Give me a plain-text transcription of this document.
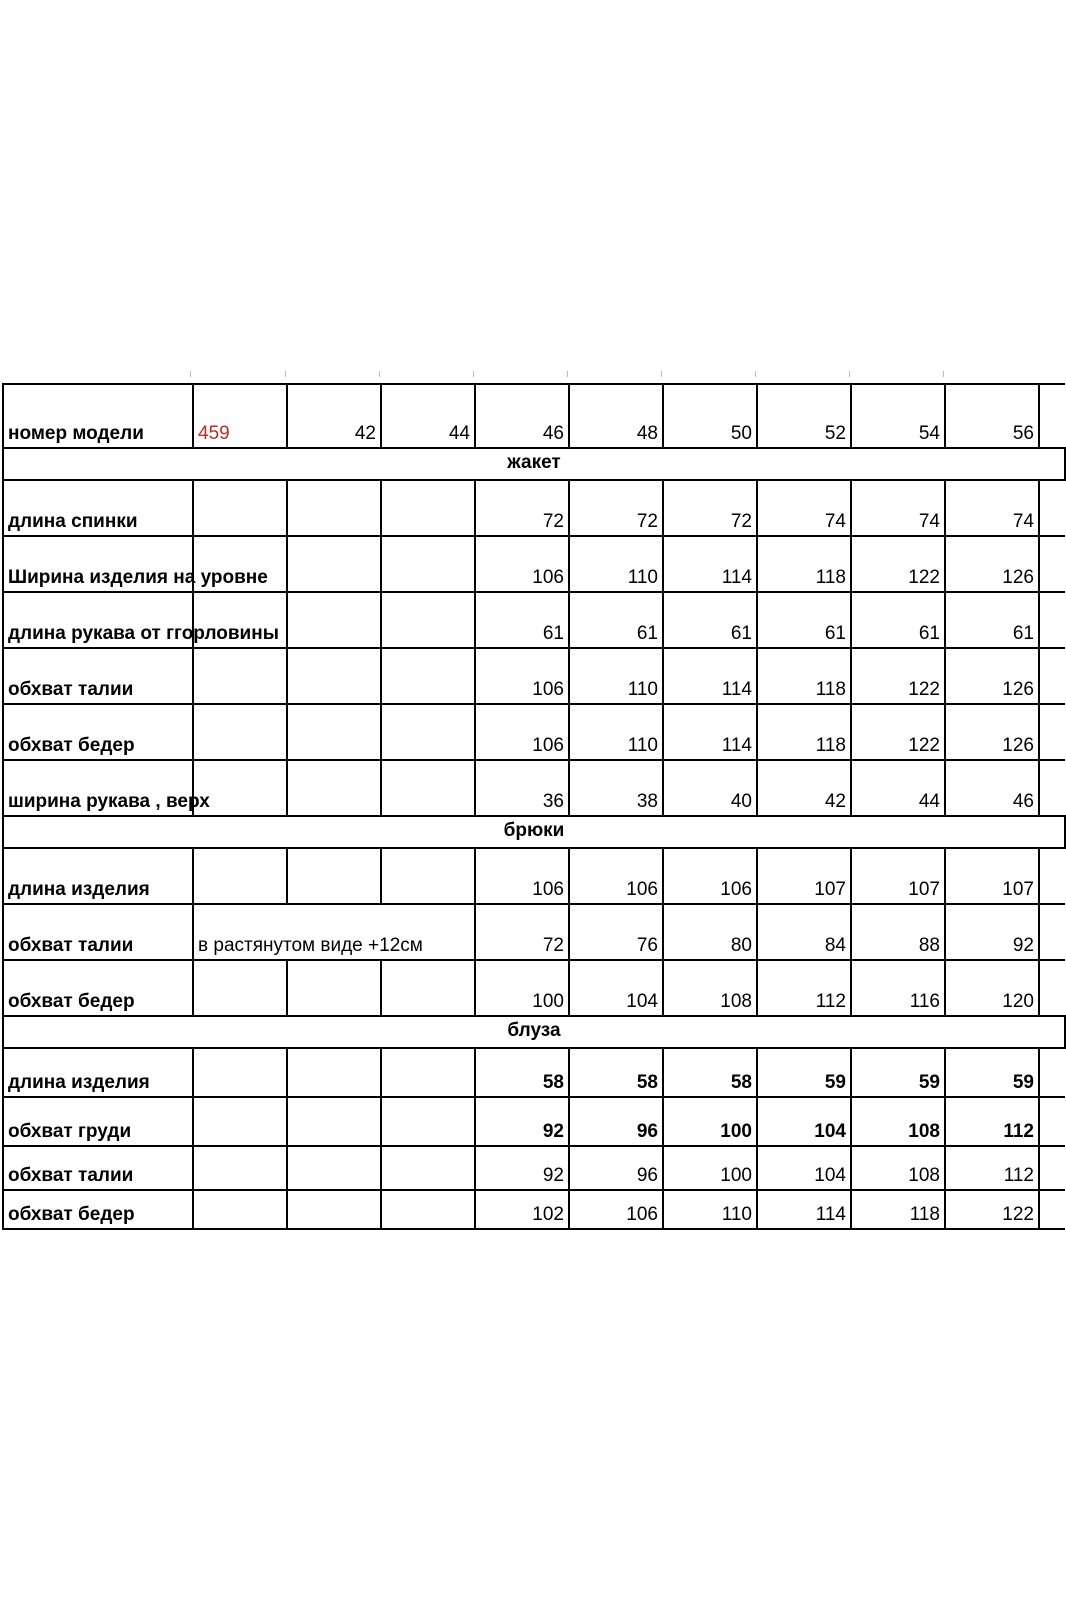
номер модели	459	42	44	46	48	50	52	54	56	
жакет										
длина спинки				72	72	72	74	74	74	
Ширина изделия на уровне				106	110	114	118	122	126	
длина рукава от ггорловины				61	61	61	61	61	61	
обхват талии				106	110	114	118	122	126	
обхват бедер				106	110	114	118	122	126	
ширина рукава , верх				36	38	40	42	44	46	
брюки										
длина изделия				106	106	106	107	107	107	
обхват талии	в растянутом виде +12см			72	76	80	84	88	92	
обхват бедер				100	104	108	112	116	120	
блуза										
длина изделия				58	58	58	59	59	59	
обхват груди				92	96	100	104	108	112	
обхват талии				92	96	100	104	108	112	
обхват бедер				102	106	110	114	118	122	
